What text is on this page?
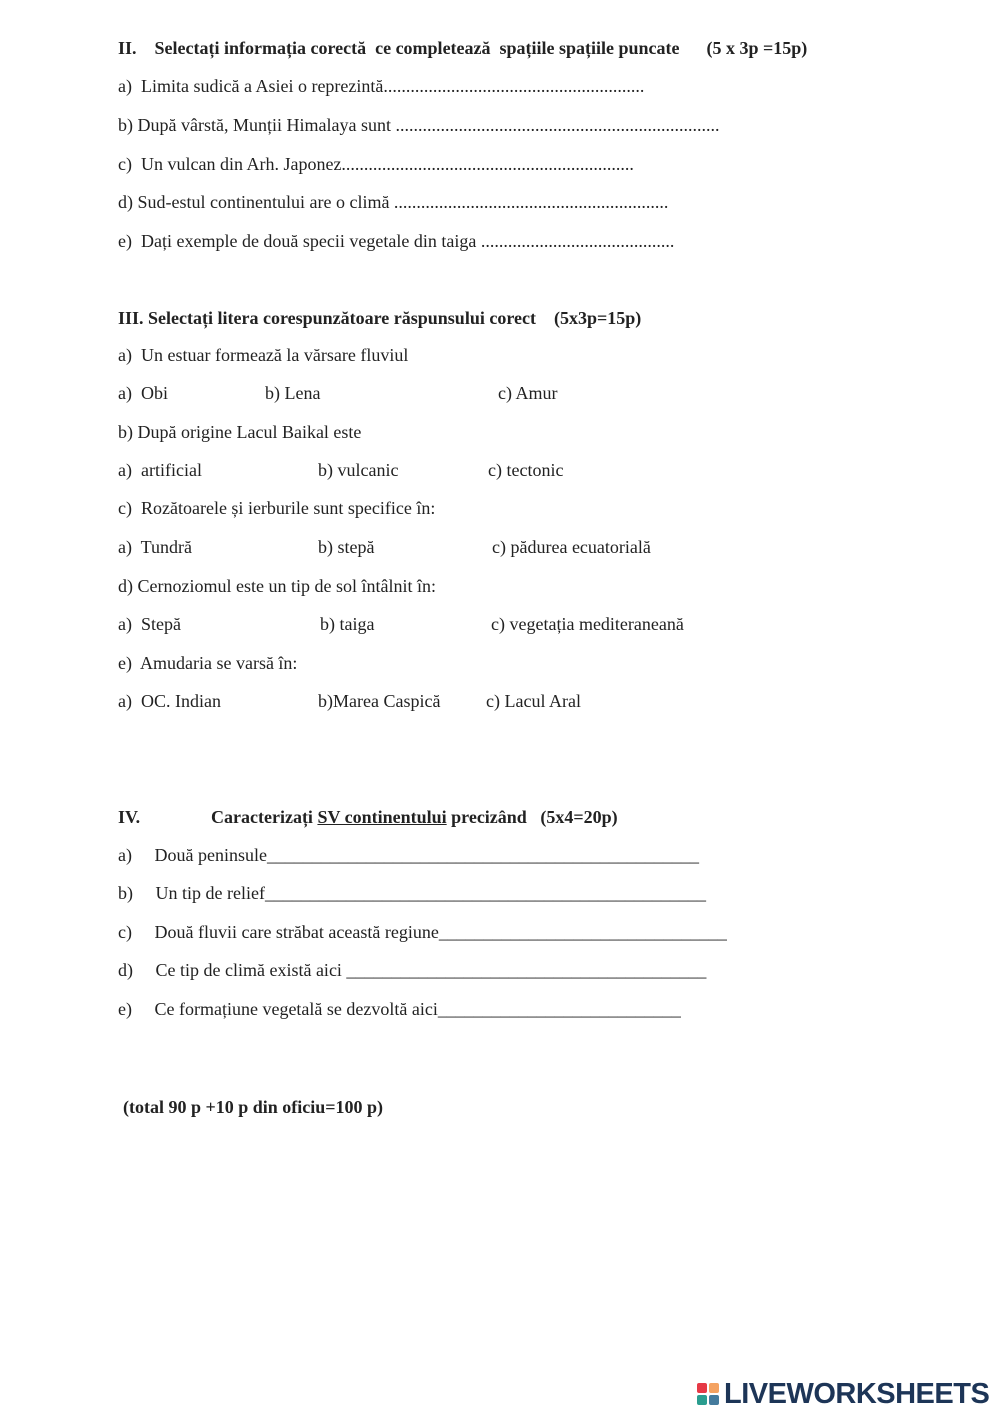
II.    Selectați informația corectă  ce completează  spațiile spațiile puncate      (5 x 3p =15p)
a)  Limita sudică a Asiei o reprezintă..........................................................
b) După vârstă, Munții Himalaya sunt ........................................................................
c)  Un vulcan din Arh. Japonez.................................................................
d) Sud-estul continentului are o climă .............................................................
e)  Dați exemple de două specii vegetale din taiga ...........................................
III. Selectați litera corespunzătoare răspunsului corect    (5x3p=15p)
a)  Un estuar formează la vărsare fluviul
a)  Obi	b) Lena	c) Amur
b) După origine Lacul Baikal este
a)  artificial	b) vulcanic	c) tectonic
c)  Rozătoarele și ierburile sunt specifice în:
a)  Tundră	b) stepă	c) pădurea ecuatorială
d) Cernoziomul este un tip de sol întâlnit în:
a)  Stepă	b) taiga	c) vegetația mediteraneană
e)  Amudaria se varsă în:
a)  OC. Indian	b)Marea Caspică	c) Lacul Aral
IV.	Caracterizați SV continentului precizând   (5x4=20p)
a)     Două peninsule________________________________________________
b)     Un tip de relief_________________________________________________
c)     Două fluvii care străbat această regiune________________________________
d)     Ce tip de climă există aici ________________________________________
e)     Ce formațiune vegetală se dezvoltă aici___________________________
(total 90 p +10 p din oficiu=100 p)
LIVEWORKSHEETS
